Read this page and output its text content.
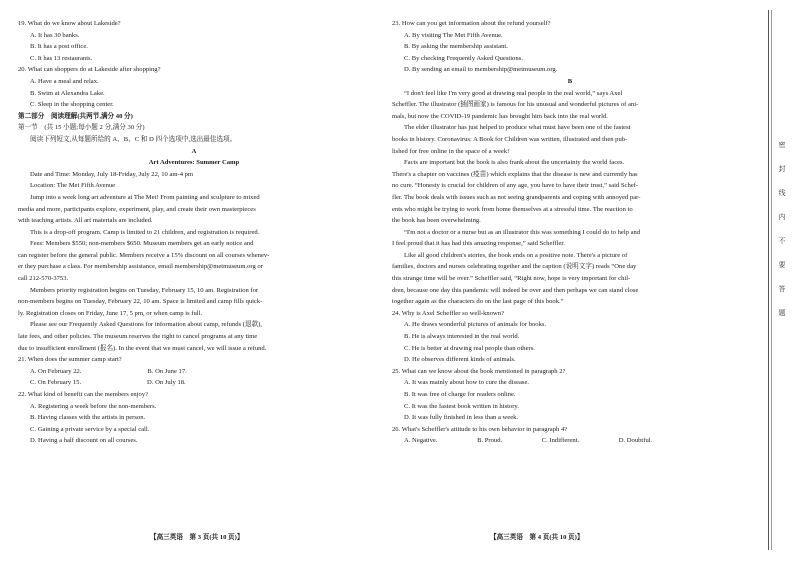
19. What do we know about Lakeside?

A. It has 30 banks.

B. It has a post office.

C. It has 13 restaurants.

20. What can shoppers do at Lakeside after shopping?

A. Have a meal and relax.

B. Swim at Alexandra Lake.

C. Sleep in the shopping center.

第二部分　阅读理解(共两节,满分 40 分)

第一节　(共 15 小题;每小题 2 分,满分 30 分)

阅读下列短文,从每题所给的 A、B、C 和 D 四个选项中,选出最佳选项。

A

Art Adventures: Summer Camp

Date and Time: Monday, July 18-Friday, July 22, 10 am-4 pm

Location: The Met Fifth Avenue

Jump into a week long art adventure at The Met! From painting and sculpture to mixed

media and more, participants explore, experiment, play, and create their own masterpieces

with teaching artists. All art materials are included.

This is a drop-off program. Camp is limited to 21 children, and registration is required.

Fees: Members $550; non-members $650. Museum members get an early notice and

can register before the general public. Members receive a 15% discount on all courses whenev-

er they purchase a class. For membership assistance, email membership@metmuseum.org or

call 212-570-3753.

Members priority registration begins on Tuesday, February 15, 10 am. Registration for

non-members begins on Tuesday, February 22, 10 am. Space is limited and camp fills quick-

ly. Registration closes on Friday, June 17, 5 pm, or when camp is full.

Please see our Frequently Asked Questions for information about camp, refunds (退款),

late fees, and other policies. The museum reserves the right to cancel programs at any time

due to insufficient enrollment (报名). In the event that we must cancel, we will issue a refund.

21. When does the summer camp start?

A. On February 22.　　　　　　　　　　B. On June 17.

C. On February 15.　　　　　　　　　　D. On July 18.

22. What kind of benefit can the members enjoy?

A. Registering a week before the non-members.

B. Having classes with the artists in person.

C. Gaining a private service by a special call.

D. Having a half discount on all courses.

23. How can you get information about the refund yourself?

A. By visiting The Met Fifth Avenue.

B. By asking the membership assistant.

C. By checking Frequently Asked Questions.

D. By sending an email to membership@metmuseum.org.

B

“I don't feel like I'm very good at drawing real people in the real world,” says Axel

Scheffler. The illustrator (插图画家) is famous for his unusual and wonderful pictures of ani-

mals, but now the COVID-19 pandemic has brought him back into the real world.

The elder illustrator has just helped to produce what must have been one of the fastest

books in history. Coronavirus: A Book for Children was written, illustrated and then pub-

lished for free online in the space of a week!

Facts are important but the book is also frank about the uncertainty the world faces.

There's a chapter on vaccines (疫苗) which explains that the disease is new and currently has

no cure. “Honesty is crucial for children of any age, you have to have their trust,” said Schef-

fler. The book deals with issues such as not seeing grandparents and coping with annoyed par-

ents who might be trying to work from home themselves at a stressful time. The reaction to

the book has been overwhelming.

“I'm not a doctor or a nurse but as an illustrator this was something I could do to help and

I feel proud that it has had this amazing response,” said Scheffler.

Like all good children's stories, the book ends on a positive note. There's a picture of

families, doctors and nurses celebrating together and the caption (说明文字) reads “One day

this strange time will be over.” Scheffler said, “Right now, hope is very important for chil-

dren, because one day this pandemic will indeed be over and then perhaps we can stand close

together again as the characters do on the last page of this book.”

24. Why is Axel Scheffler so well-known?

A. He draws wonderful pictures of animals for books.

B. He is always interested in the real world.

C. He is better at drawing real people than others.

D. He observes different kinds of animals.

25. What can we know about the book mentioned in paragraph 2?

A. It was mainly about how to cure the disease.

B. It was free of charge for readers online.

C. It was the fastest book written in history.

D. It was fully finished in less than a week.

26. What's Scheffler's attitude to his own behavior in paragraph 4?

A. Negative.　　　　　　B. Proud.　　　　　　C. Indifferent.　　　　　　D. Doubtful.

【高三英语　第 3 页(共 10 页)】	【高三英语　第 4 页(共 10 页)】
密
封
线
内
不
要
答
题
